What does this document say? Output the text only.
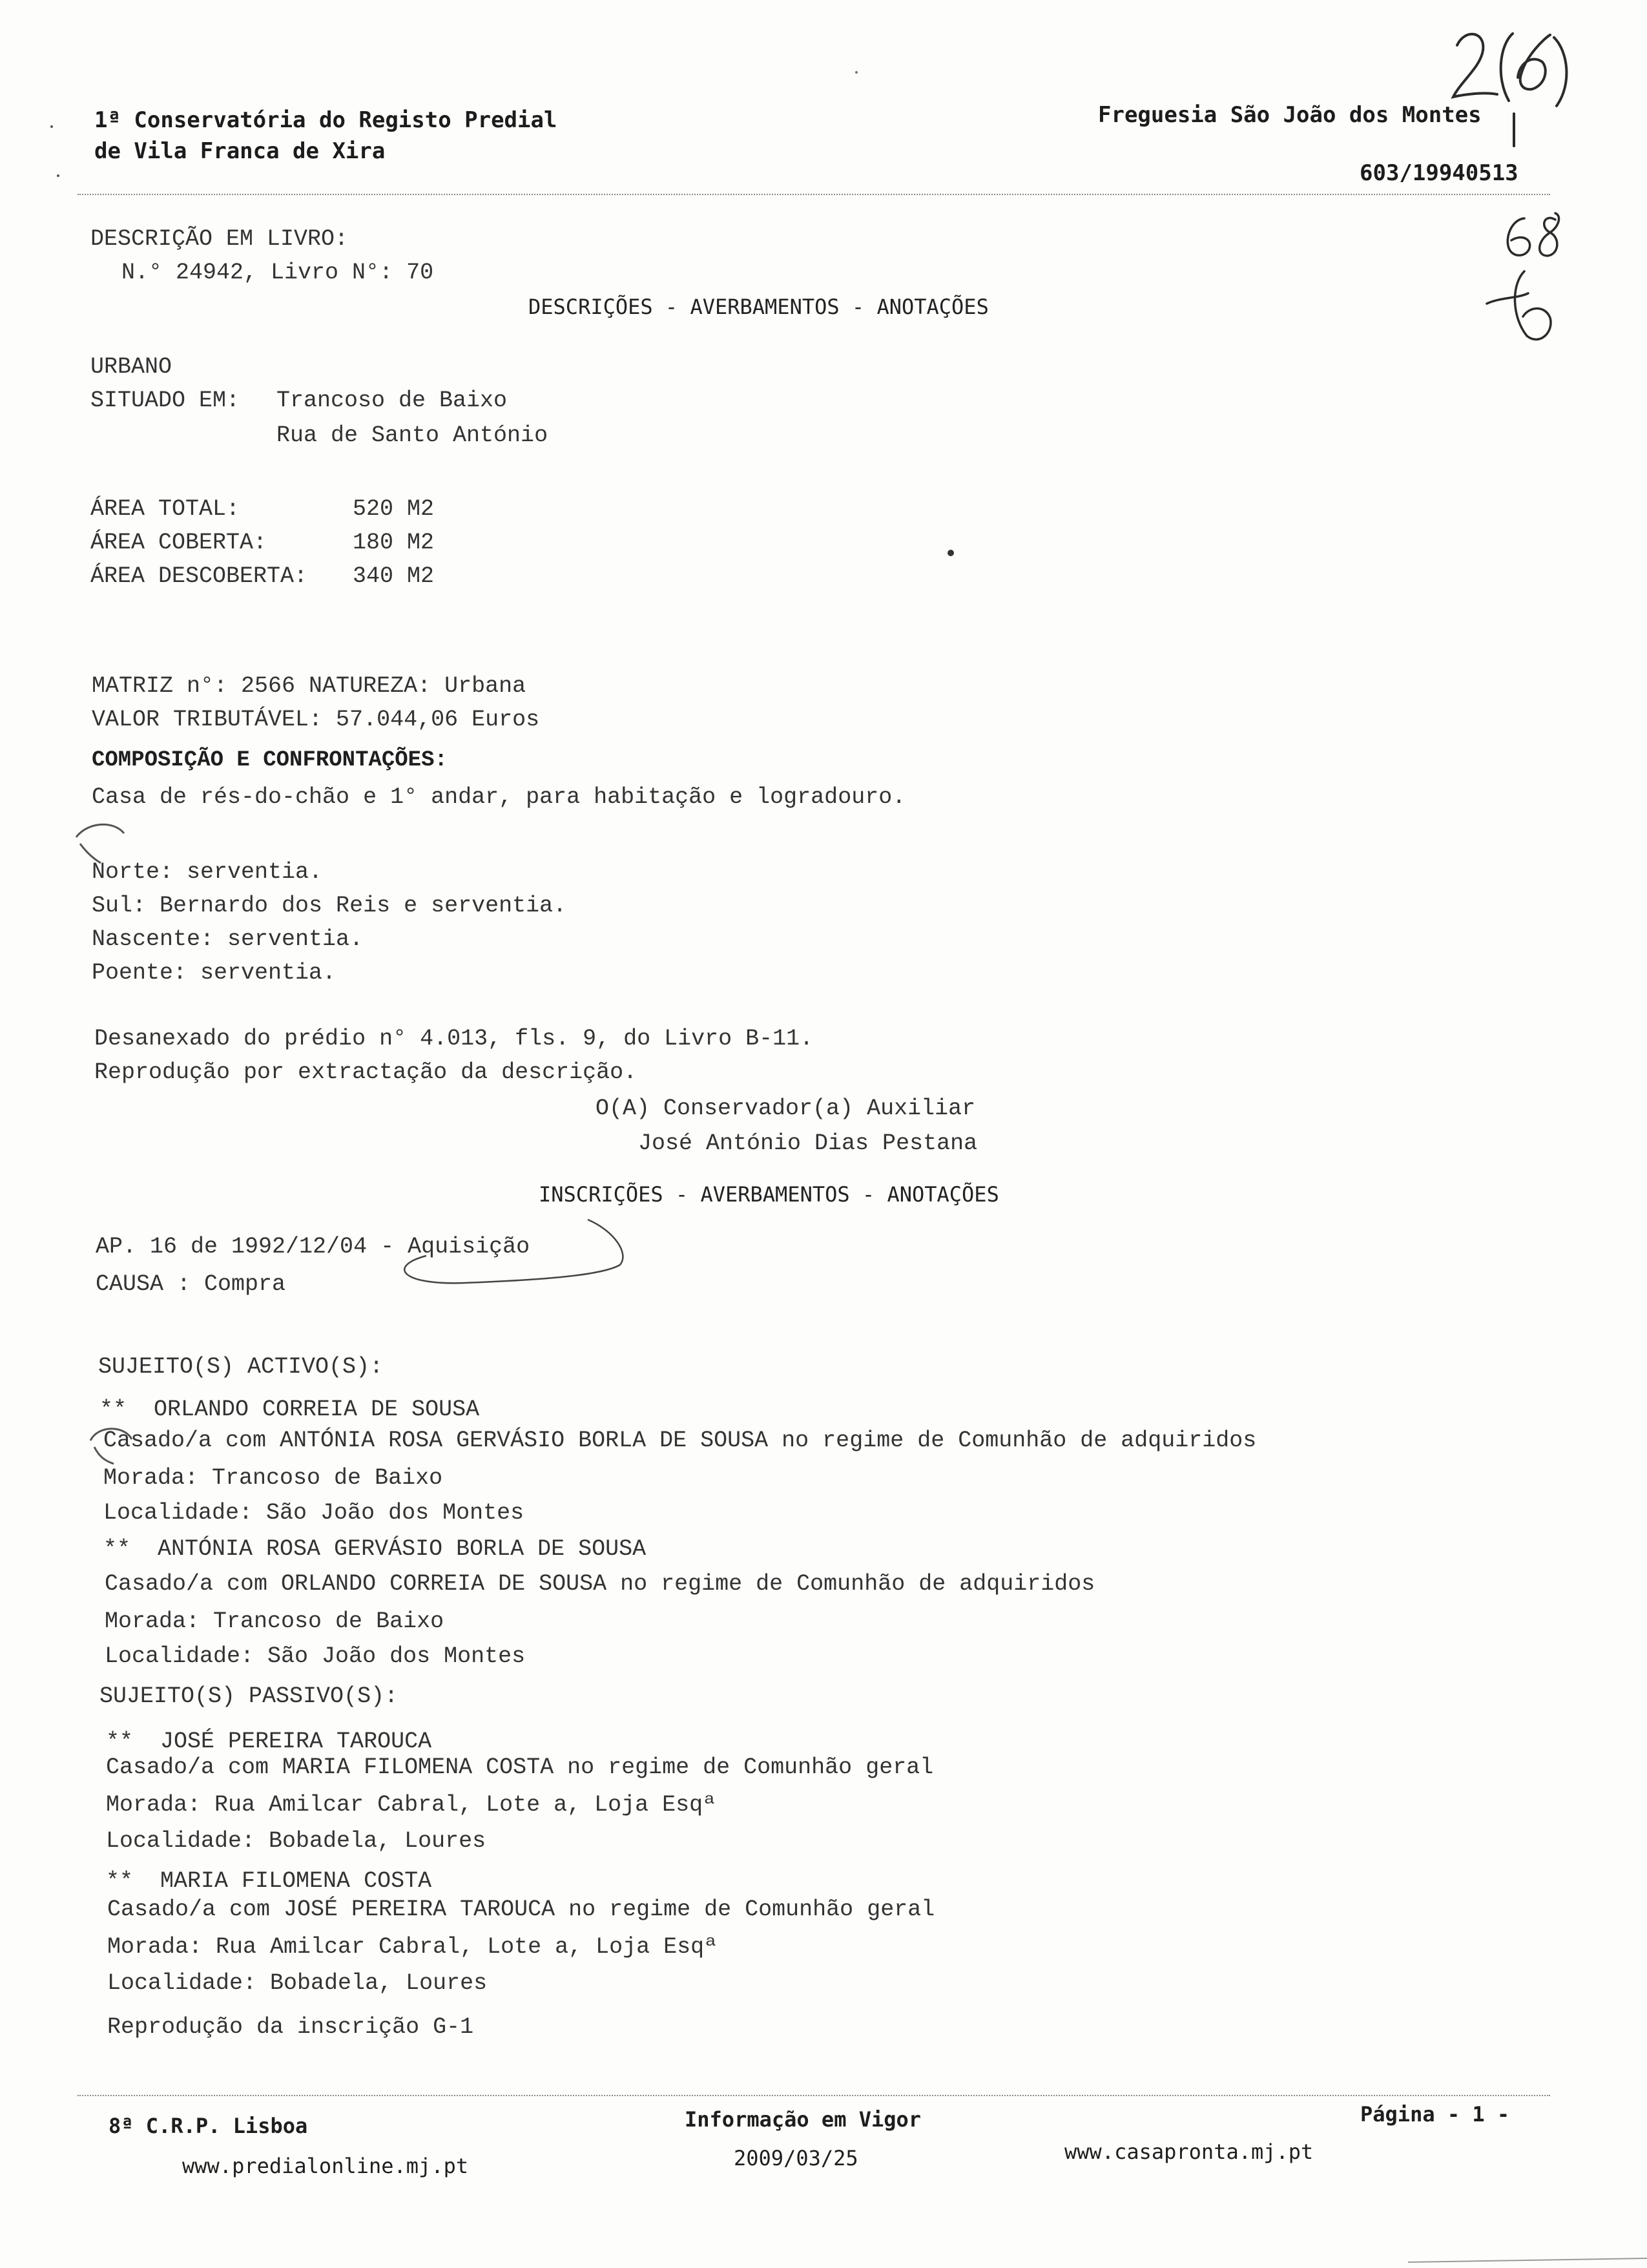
1ª Conservatória do Registo Predial
de Vila Franca de Xira
Freguesia São João dos Montes
603/19940513
DESCRIÇÃO EM LIVRO:
N.° 24942, Livro N°: 70
DESCRIÇÕES - AVERBAMENTOS - ANOTAÇÕES
URBANO
SITUADO EM: Trancoso de Baixo
Rua de Santo António
ÁREA TOTAL:	520 M2
ÁREA COBERTA:	180 M2
ÁREA DESCOBERTA: 340 M2
MATRIZ n°: 2566 NATUREZA: Urbana
VALOR TRIBUTÁVEL: 57.044,06 Euros
COMPOSIÇÃO E CONFRONTAÇÕES:
Casa de rés-do-chão e 1° andar, para habitação e logradouro.
Norte: serventia.
Sul: Bernardo dos Reis e serventia.
Nascente: serventia.
Poente: serventia.
Desanexado do prédio n° 4.013, fls. 9, do Livro B-11.
Reprodução por extractação da descrição.
O(A) Conservador(a) Auxiliar
José António Dias Pestana
INSCRIÇÕES - AVERBAMENTOS - ANOTAÇÕES
AP. 16 de 1992/12/04 - Aquisição
CAUSA : Compra
SUJEITO(S) ACTIVO(S):
**  ORLANDO CORREIA DE SOUSA
Casado/a com ANTÓNIA ROSA GERVÁSIO BORLA DE SOUSA no regime de Comunhão de adquiridos
Morada: Trancoso de Baixo
Localidade: São João dos Montes
**  ANTÓNIA ROSA GERVÁSIO BORLA DE SOUSA
Casado/a com ORLANDO CORREIA DE SOUSA no regime de Comunhão de adquiridos
Morada: Trancoso de Baixo
Localidade: São João dos Montes
SUJEITO(S) PASSIVO(S):
**  JOSÉ PEREIRA TAROUCA
Casado/a com MARIA FILOMENA COSTA no regime de Comunhão geral
Morada: Rua Amilcar Cabral, Lote a, Loja Esqª
Localidade: Bobadela, Loures
**  MARIA FILOMENA COSTA
Casado/a com JOSÉ PEREIRA TAROUCA no regime de Comunhão geral
Morada: Rua Amilcar Cabral, Lote a, Loja Esqª
Localidade: Bobadela, Loures
Reprodução da inscrição G-1
8ª C.R.P. Lisboa
www.predialonline.mj.pt
Informação em Vigor
2009/03/25
Página - 1 -
www.casapronta.mj.pt
